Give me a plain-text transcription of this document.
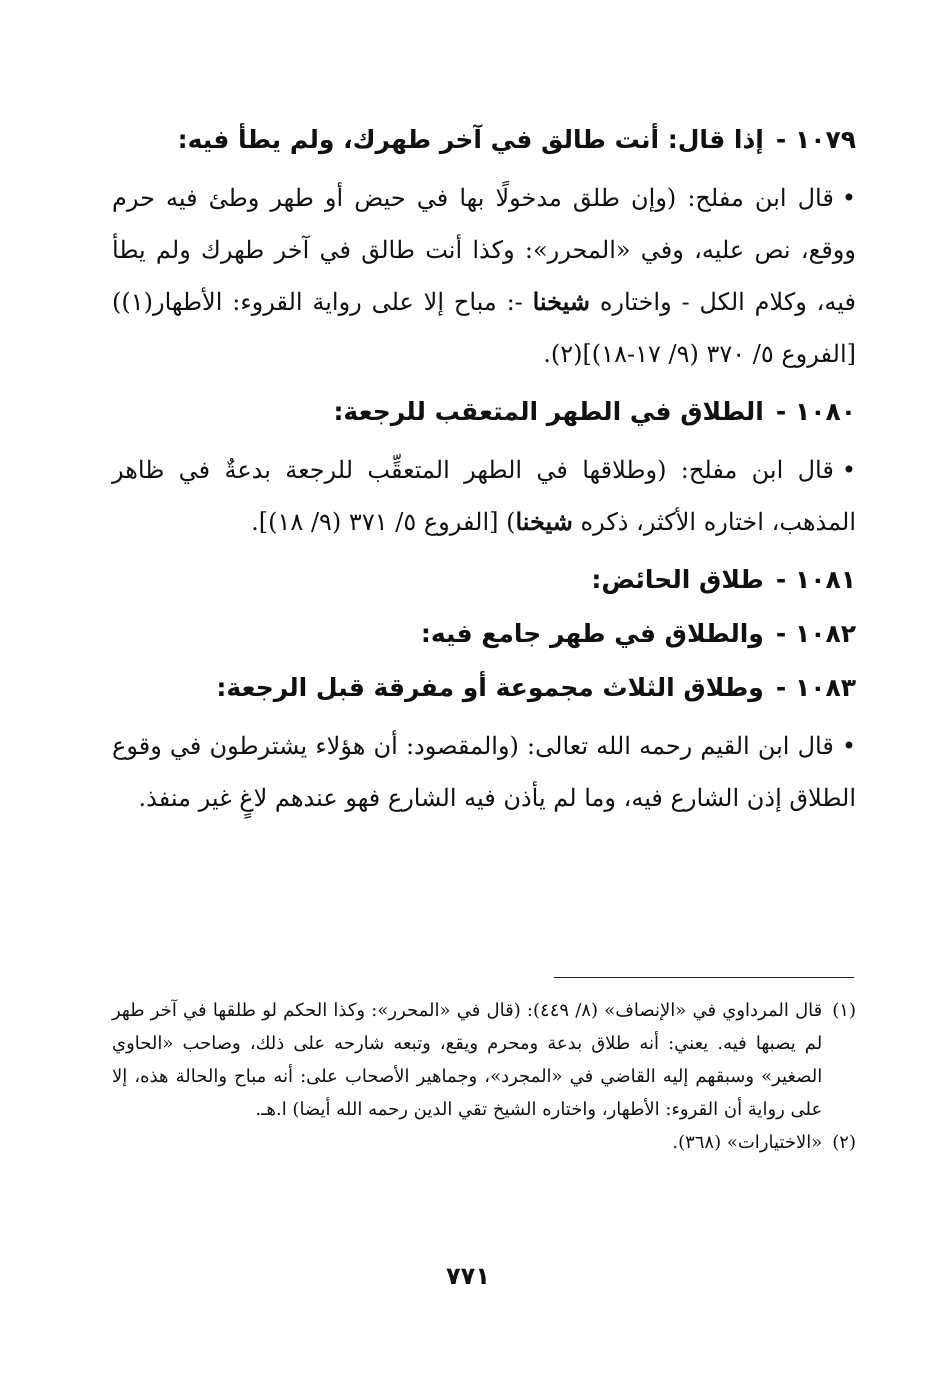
١٠٧٩ -إذا قال: أنت طالق في آخر طهرك، ولم يطأ فيه:
•قال ابن مفلح: (وإن طلق مدخولًا بها في حيض أو طهر وطئ فيه حرم ووقع، نص عليه، وفي «المحرر»: وكذا أنت طالق في آخر طهرك ولم يطأ فيه، وكلام الكل - واختاره شيخنا -: مباح إلا على رواية القروء: الأطهار(١)) [الفروع ٥/ ٣٧٠ (٩/ ١٧-١٨)](٢).
١٠٨٠ -الطلاق في الطهر المتعقب للرجعة:
•قال ابن مفلح: (وطلاقها في الطهر المتعقِّب للرجعة بدعةٌ في ظاهر المذهب، اختاره الأكثر، ذكره شيخنا) [الفروع ٥/ ٣٧١ (٩/ ١٨)].
١٠٨١ -طلاق الحائض:
١٠٨٢ -والطلاق في طهر جامع فيه:
١٠٨٣ -وطلاق الثلاث مجموعة أو مفرقة قبل الرجعة:
•قال ابن القيم رحمه الله تعالى: (والمقصود: أن هؤلاء يشترطون في وقوع الطلاق إذن الشارع فيه، وما لم يأذن فيه الشارع فهو عندهم لاغٍ غير منفذ.
(١)
قال المرداوي في «الإنصاف» (٨/ ٤٤٩): (قال في «المحرر»: وكذا الحكم لو طلقها في آخر طهر لم يصبها فيه. يعني: أنه طلاق بدعة ومحرم ويقع، وتبعه شارحه على ذلك، وصاحب «الحاوي الصغير» وسبقهم إليه القاضي في «المجرد»، وجماهير الأصحاب على: أنه مباح والحالة هذه، إلا على رواية أن القروء: الأطهار، واختاره الشيخ تقي الدين رحمه الله أيضا) ا.هـ.
(٢)
«الاختيارات» (٣٦٨).
٧٧١
